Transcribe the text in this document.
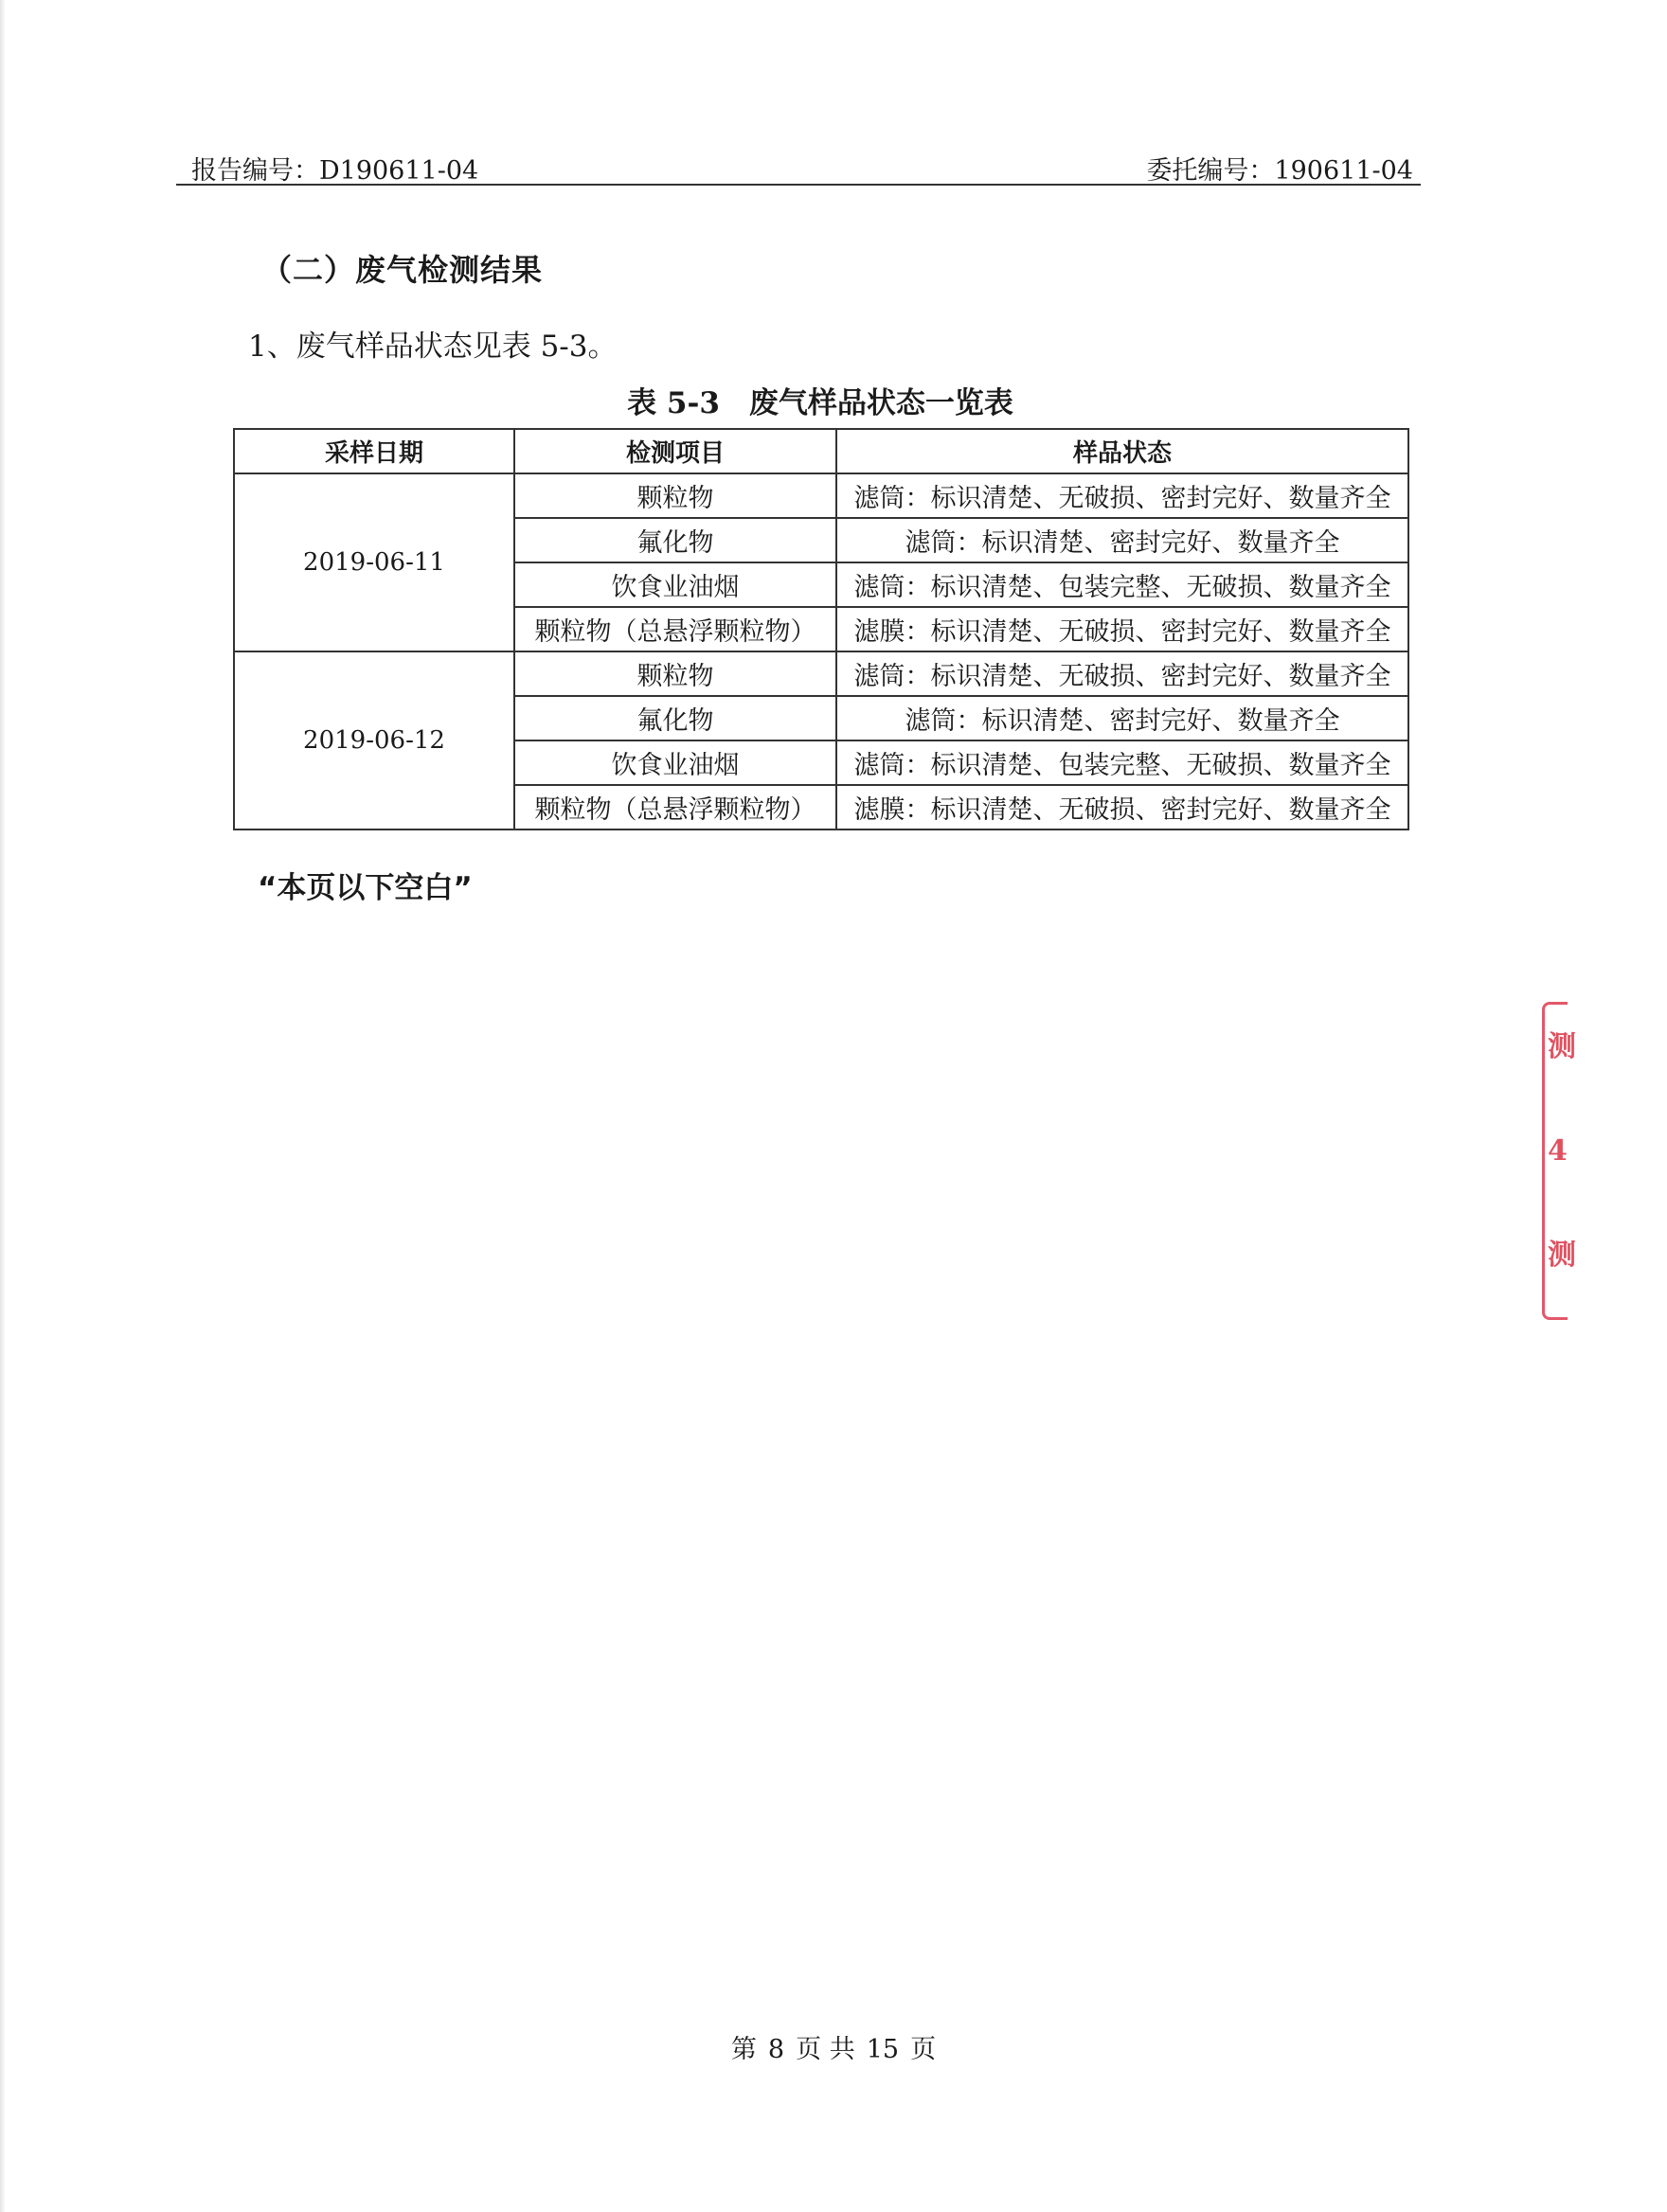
报告编号：D190611-04	委托编号：190611-04
（二）废气检测结果
1、废气样品状态见表 5-3。
表 5-3　废气样品状态一览表
采样日期	检测项目	样品状态
2019-06-11	颗粒物	滤筒：标识清楚、无破损、密封完好、数量齐全
	氟化物	滤筒：标识清楚、密封完好、数量齐全
	饮食业油烟	滤筒：标识清楚、包装完整、无破损、数量齐全
	颗粒物（总悬浮颗粒物）	滤膜：标识清楚、无破损、密封完好、数量齐全
2019-06-12	颗粒物	滤筒：标识清楚、无破损、密封完好、数量齐全
	氟化物	滤筒：标识清楚、密封完好、数量齐全
	饮食业油烟	滤筒：标识清楚、包装完整、无破损、数量齐全
	颗粒物（总悬浮颗粒物）	滤膜：标识清楚、无破损、密封完好、数量齐全
“本页以下空白”
第 8 页 共 15 页
测
4
测
